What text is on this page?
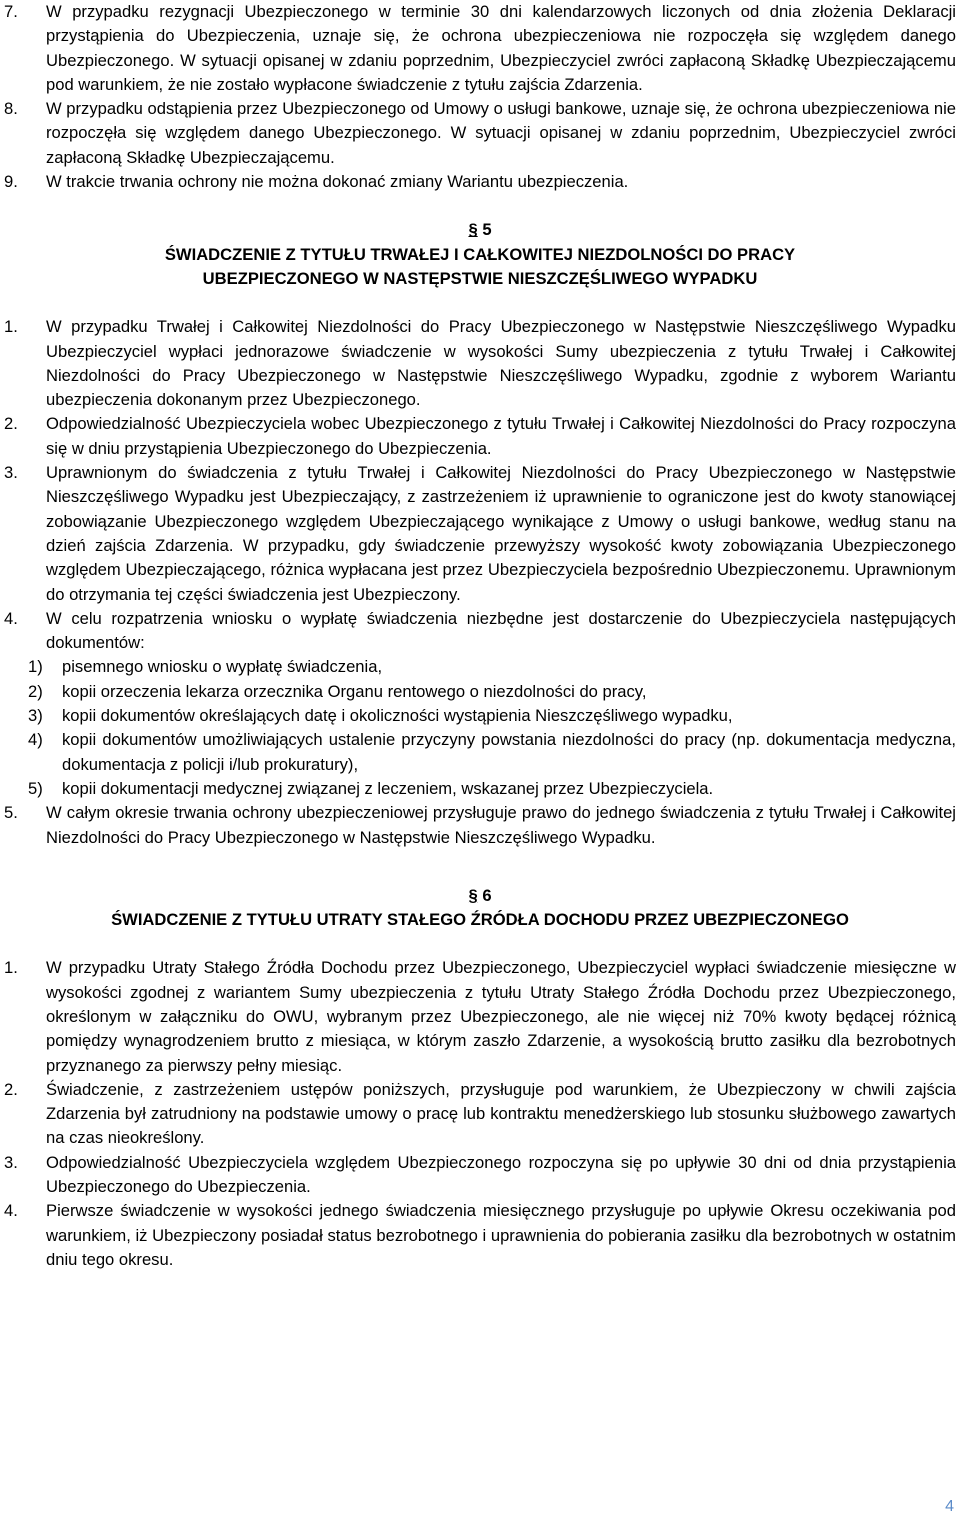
7. W przypadku rezygnacji Ubezpieczonego w terminie 30 dni kalendarzowych liczonych od dnia złożenia Deklaracji przystąpienia do Ubezpieczenia, uznaje się, że ochrona ubezpieczeniowa nie rozpoczęła się względem danego Ubezpieczonego. W sytuacji opisanej w zdaniu poprzednim, Ubezpieczyciel zwróci zapłaconą Składkę Ubezpieczającemu pod warunkiem, że nie zostało wypłacone świadczenie z tytułu zajścia Zdarzenia.
8. W przypadku odstąpienia przez Ubezpieczonego od Umowy o usługi bankowe, uznaje się, że ochrona ubezpieczeniowa nie rozpoczęła się względem danego Ubezpieczonego. W sytuacji opisanej w zdaniu poprzednim, Ubezpieczyciel zwróci zapłaconą Składkę Ubezpieczającemu.
9. W trakcie trwania ochrony nie można dokonać zmiany Wariantu ubezpieczenia.
§ 5
ŚWIADCZENIE Z TYTUŁU TRWAŁEJ I CAŁKOWITEJ NIEZDOLNOŚCI DO PRACY
UBEZPIECZONEGO W NASTĘPSTWIE NIESZCZĘŚLIWEGO WYPADKU
1. W przypadku Trwałej i Całkowitej Niezdolności do Pracy Ubezpieczonego w Następstwie Nieszczęśliwego Wypadku Ubezpieczyciel wypłaci jednorazowe świadczenie w wysokości Sumy ubezpieczenia z tytułu Trwałej i Całkowitej Niezdolności do Pracy Ubezpieczonego w Następstwie Nieszczęśliwego Wypadku, zgodnie z wyborem Wariantu ubezpieczenia dokonanym przez Ubezpieczonego.
2. Odpowiedzialność Ubezpieczyciela wobec Ubezpieczonego z tytułu Trwałej i Całkowitej Niezdolności do Pracy rozpoczyna się w dniu przystąpienia Ubezpieczonego do Ubezpieczenia.
3. Uprawnionym do świadczenia z tytułu Trwałej i Całkowitej Niezdolności do Pracy Ubezpieczonego w Następstwie Nieszczęśliwego Wypadku jest Ubezpieczający, z zastrzeżeniem iż uprawnienie to ograniczone jest do kwoty stanowiącej zobowiązanie Ubezpieczonego względem Ubezpieczającego wynikające z Umowy o usługi bankowe, według stanu na dzień zajścia Zdarzenia. W przypadku, gdy świadczenie przewyższy wysokość kwoty zobowiązania Ubezpieczonego względem Ubezpieczającego, różnica wypłacana jest przez Ubezpieczyciela bezpośrednio Ubezpieczonemu. Uprawnionym do otrzymania tej części świadczenia jest Ubezpieczony.
4. W celu rozpatrzenia wniosku o wypłatę świadczenia niezbędne jest dostarczenie do Ubezpieczyciela następujących dokumentów:
1) pisemnego wniosku o wypłatę świadczenia,
2) kopii orzeczenia lekarza orzecznika Organu rentowego o niezdolności do pracy,
3) kopii dokumentów określających datę i okoliczności wystąpienia Nieszczęśliwego wypadku,
4) kopii dokumentów umożliwiających ustalenie przyczyny powstania niezdolności do pracy (np. dokumentacja medyczna, dokumentacja z policji i/lub prokuratury),
5) kopii dokumentacji medycznej związanej z leczeniem, wskazanej przez Ubezpieczyciela.
5. W całym okresie trwania ochrony ubezpieczeniowej przysługuje prawo do jednego świadczenia z tytułu Trwałej i Całkowitej Niezdolności do Pracy Ubezpieczonego w Następstwie Nieszczęśliwego Wypadku.
§ 6
ŚWIADCZENIE Z TYTUŁU UTRATY STAŁEGO ŹRÓDŁA DOCHODU PRZEZ UBEZPIECZONEGO
1. W przypadku Utraty Stałego Źródła Dochodu przez Ubezpieczonego, Ubezpieczyciel wypłaci świadczenie miesięczne w wysokości zgodnej z wariantem Sumy ubezpieczenia z tytułu Utraty Stałego Źródła Dochodu przez Ubezpieczonego, określonym w załączniku do OWU, wybranym przez Ubezpieczonego, ale nie więcej niż 70% kwoty będącej różnicą pomiędzy wynagrodzeniem brutto z miesiąca, w którym zaszło Zdarzenie, a wysokością brutto zasiłku dla bezrobotnych przyznanego za pierwszy pełny miesiąc.
2. Świadczenie, z zastrzeżeniem ustępów poniższych, przysługuje pod warunkiem, że Ubezpieczony w chwili zajścia Zdarzenia był zatrudniony na podstawie umowy o pracę lub kontraktu menedżerskiego lub stosunku służbowego zawartych na czas nieokreślony.
3. Odpowiedzialność Ubezpieczyciela względem Ubezpieczonego rozpoczyna się po upływie 30 dni od dnia przystąpienia Ubezpieczonego do Ubezpieczenia.
4. Pierwsze świadczenie w wysokości jednego świadczenia miesięcznego przysługuje po upływie Okresu oczekiwania pod warunkiem, iż Ubezpieczony posiadał status bezrobotnego i uprawnienia do pobierania zasiłku dla bezrobotnych w ostatnim dniu tego okresu.
4
